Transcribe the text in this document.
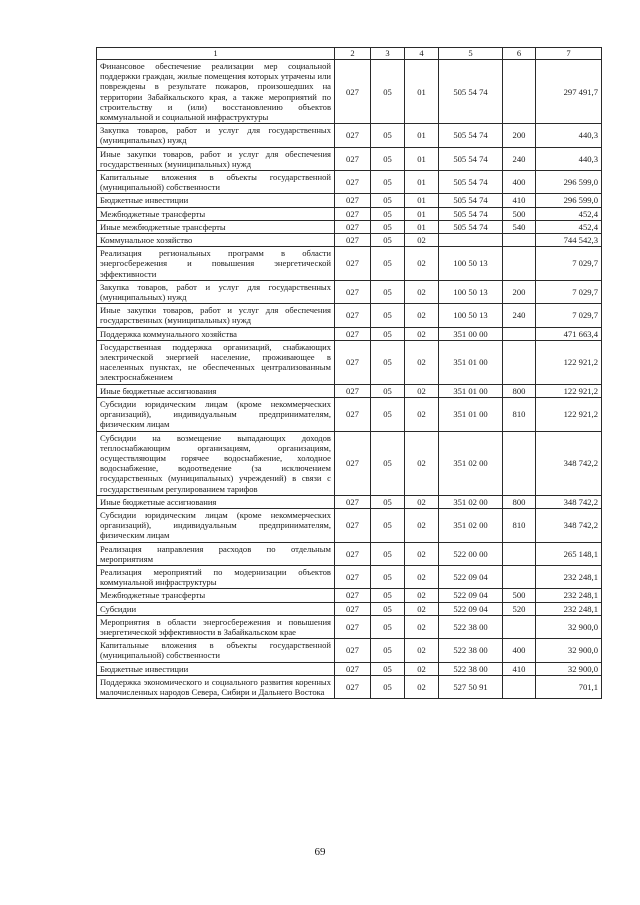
1	2	3	4	5	6	7
Финансовое обеспечение реализации мер социальной поддержки граждан, жилые помещения которых утрачены или повреждены в результате пожаров, произошедших на территории Забайкальского края, а также мероприятий по строительству и (или) восстановлению объектов коммунальной и социальной инфраструктуры	027	05	01	505 54 74		297 491,7
Закупка товаров, работ и услуг для государственных (муниципальных) нужд	027	05	01	505 54 74	200	440,3
Иные закупки товаров, работ и услуг для обеспечения государственных (муниципальных) нужд	027	05	01	505 54 74	240	440,3
Капитальные вложения в объекты государственной (муниципальной) собственности	027	05	01	505 54 74	400	296 599,0
Бюджетные инвестиции	027	05	01	505 54 74	410	296 599,0
Межбюджетные трансферты	027	05	01	505 54 74	500	452,4
Иные межбюджетные трансферты	027	05	01	505 54 74	540	452,4
Коммунальное хозяйство	027	05	02			744 542,3
Реализация региональных программ в области энергосбережения и повышения энергетической эффективности	027	05	02	100 50 13		7 029,7
Закупка товаров, работ и услуг для государственных (муниципальных) нужд	027	05	02	100 50 13	200	7 029,7
Иные закупки товаров, работ и услуг для обеспечения государственных (муниципальных) нужд	027	05	02	100 50 13	240	7 029,7
Поддержка коммунального хозяйства	027	05	02	351 00 00		471 663,4
Государственная поддержка организаций, снабжающих электрической энергией население, проживающее в населенных пунктах, не обеспеченных централизованным электроснабжением	027	05	02	351 01 00		122 921,2
Иные бюджетные ассигнования	027	05	02	351 01 00	800	122 921,2
Субсидии юридическим лицам (кроме некоммерческих организаций), индивидуальным предпринимателям, физическим лицам	027	05	02	351 01 00	810	122 921,2
Субсидии на возмещение выпадающих доходов теплоснабжающим организациям, организациям, осуществляющим горячее водоснабжение, холодное водоснабжение, водоотведение (за исключением государственных (муниципальных) учреждений) в связи с государственным регулированием тарифов	027	05	02	351 02 00		348 742,2
Иные бюджетные ассигнования	027	05	02	351 02 00	800	348 742,2
Субсидии юридическим лицам (кроме некоммерческих организаций), индивидуальным предпринимателям, физическим лицам	027	05	02	351 02 00	810	348 742,2
Реализация направления расходов по отдельным мероприятиям	027	05	02	522 00 00		265 148,1
Реализация мероприятий по модернизации объектов коммунальной инфраструктуры	027	05	02	522 09 04		232 248,1
Межбюджетные трансферты	027	05	02	522 09 04	500	232 248,1
Субсидии	027	05	02	522 09 04	520	232 248,1
Мероприятия в области энергосбережения и повышения энергетической эффективности в Забайкальском крае	027	05	02	522 38 00		32 900,0
Капитальные вложения в объекты государственной (муниципальной) собственности	027	05	02	522 38 00	400	32 900,0
Бюджетные инвестиции	027	05	02	522 38 00	410	32 900,0
Поддержка экономического и социального развития коренных малочисленных народов Севера, Сибири и Дальнего Востока	027	05	02	527 50 91		701,1
69
